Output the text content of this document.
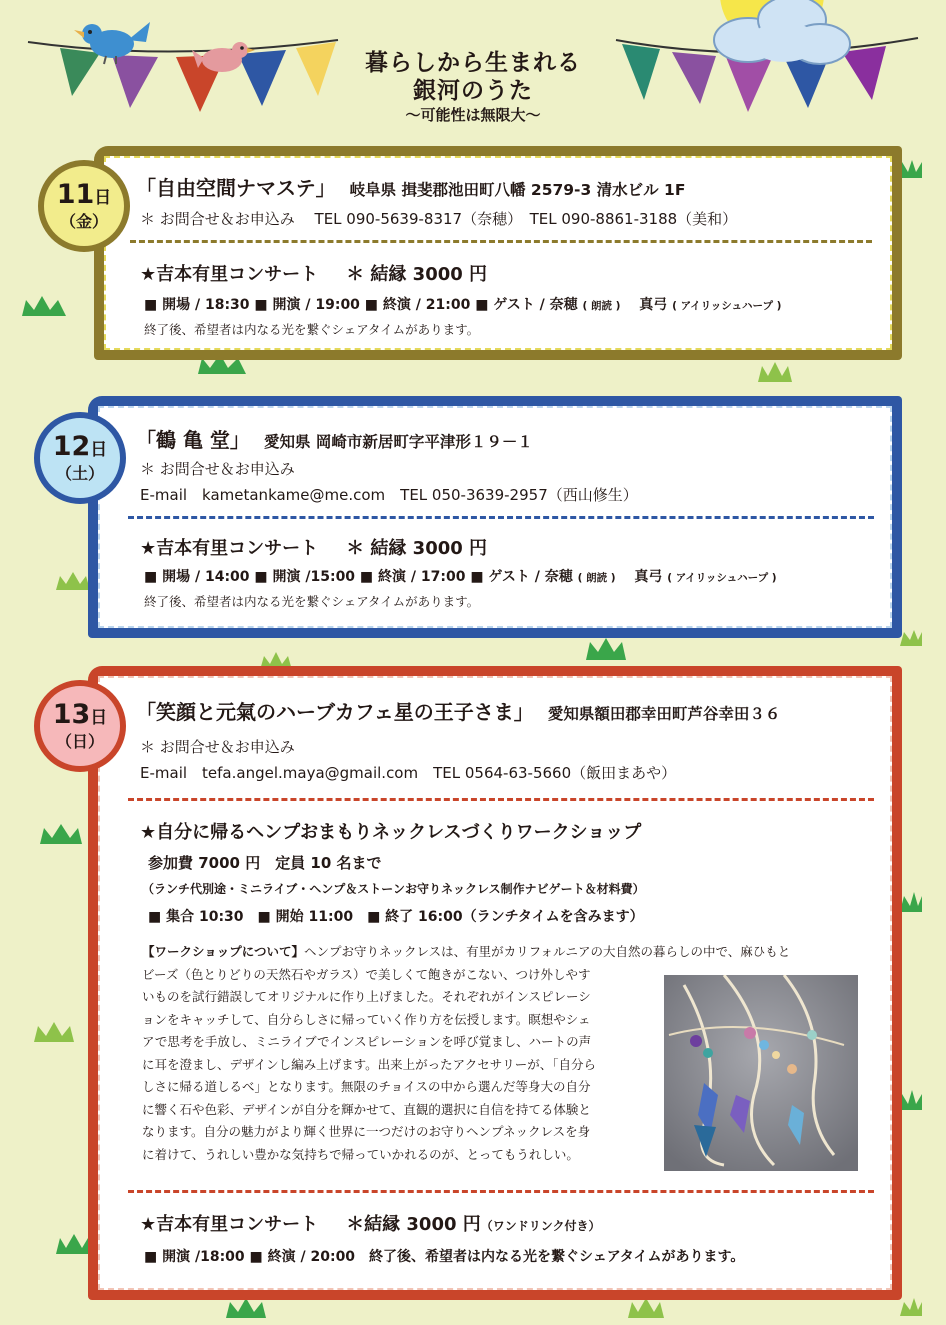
暮らしから生まれる
銀河のうた
〜可能性は無限大〜
11日
（金）
「自由空間ナマステ」 岐阜県 揖斐郡池田町八幡 2579-3 清水ビル 1F
＊ お問合せ＆お申込み　 TEL 090-5639-8317（奈穂）　TEL 090-8861-3188（美和）
★吉本有里コンサート ＊ 結縁 3000 円
■ 開場 / 18:30 ■ 開演 / 19:00 ■ 終演 / 21:00 ■ ゲスト / 奈穂 ( 朗読 ) 真弓 ( アイリッシュハープ )
終了後、希望者は内なる光を繋ぐシェアタイムがあります。
12日
（土）
「鶴 亀 堂」 愛知県 岡崎市新居町字平津形１９－１
＊ お問合せ＆お申込み
E-mail　kametankame@me.com　TEL 050-3639-2957（西山修生）
★吉本有里コンサート ＊ 結縁 3000 円
■ 開場 / 14:00 ■ 開演 /15:00 ■ 終演 / 17:00 ■ ゲスト / 奈穂 ( 朗読 ) 真弓 ( アイリッシュハープ )
終了後、希望者は内なる光を繋ぐシェアタイムがあります。
13日
（日）
「笑顔と元氣のハーブカフェ星の王子さま」 愛知県額田郡幸田町芦谷幸田３６
＊ お問合せ＆お申込み
E-mail　tefa.angel.maya@gmail.com　TEL 0564-63-5660（飯田まあや）
★自分に帰るヘンプおまもりネックレスづくりワークショップ
参加費 7000 円　定員 10 名まで
（ランチ代別途・ミニライブ・ヘンプ＆ストーンお守りネックレス制作ナビゲート＆材料費）
■ 集合 10:30　■ 開始 11:00　■ 終了 16:00（ランチタイムを含みます）
【ワークショップについて】ヘンプお守りネックレスは、有里がカリフォルニアの大自然の暮らしの中で、麻ひもと
ビーズ（色とりどりの天然石やガラス）で美しくて飽きがこない、つけ外しやす
いものを試行錯誤してオリジナルに作り上げました。それぞれがインスピレーシ
ョンをキャッチして、自分らしさに帰っていく作り方を伝授します。瞑想やシェ
アで思考を手放し、ミニライブでインスピレーションを呼び覚まし、ハートの声
に耳を澄まし、デザインし編み上げます。出来上がったアクセサリーが、「自分ら
しさに帰る道しるべ」となります。無限のチョイスの中から選んだ等身大の自分
に響く石や色彩、デザインが自分を輝かせて、直観的選択に自信を持てる体験と
なります。自分の魅力がより輝く世界に一つだけのお守りヘンプネックレスを身
に着けて、うれしい豊かな気持ちで帰っていかれるのが、とってもうれしい。
★吉本有里コンサート ＊結縁 3000 円（ワンドリンク付き）
■ 開演 /18:00 ■ 終演 / 20:00　終了後、希望者は内なる光を繋ぐシェアタイムがあります。
